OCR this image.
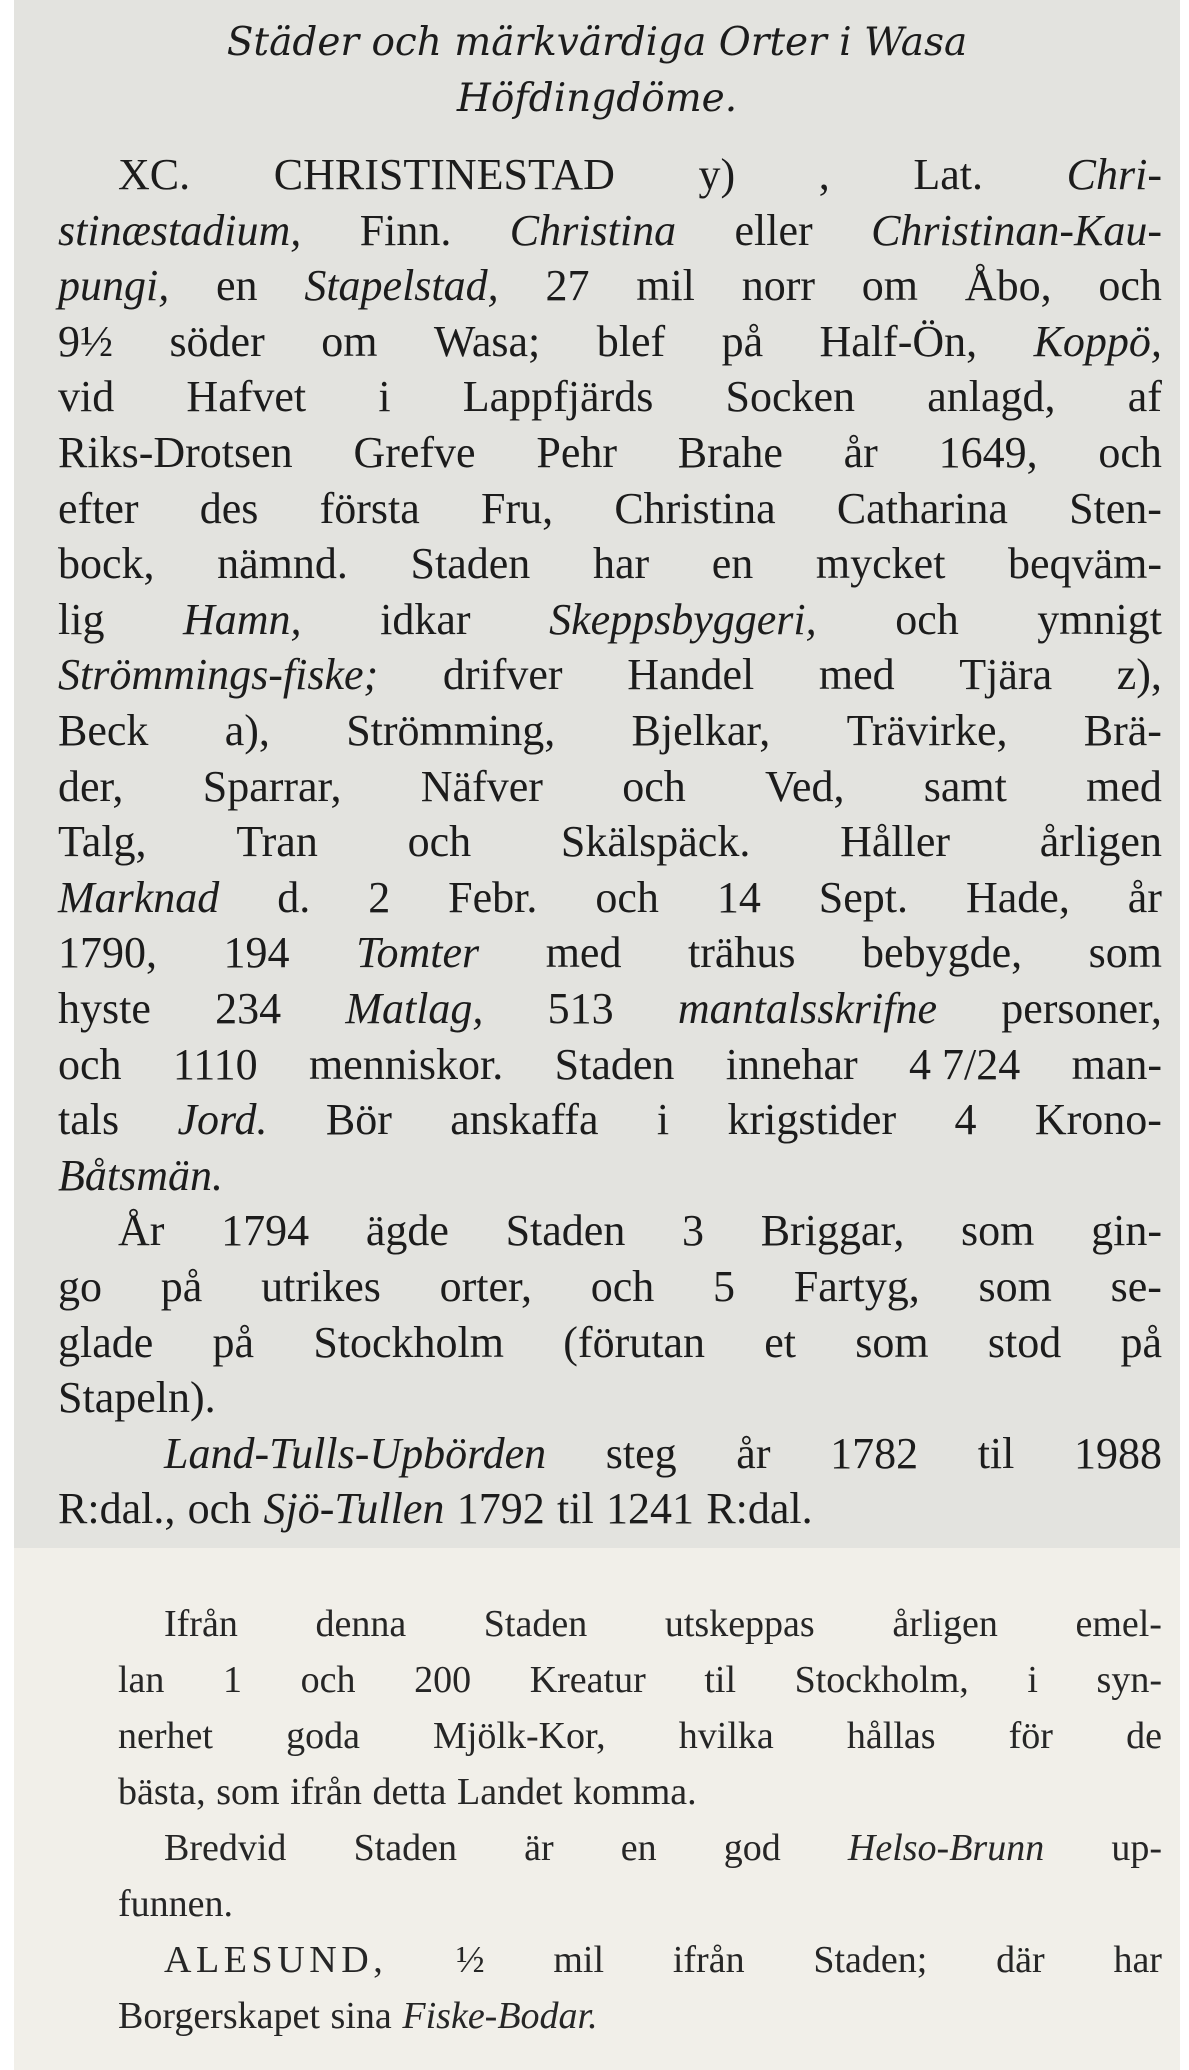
Städer och märkvärdiga Orter i Wasa
Höfdingdöme.
XC. CHRISTINESTAD y) , Lat. Chri-
stinæstadium, Finn. Christina eller Christinan-Kau-
pungi, en Stapelstad, 27 mil norr om Åbo, och
9½ söder om Wasa; blef på Half-Ön, Koppö,
vid Hafvet i Lappfjärds Socken anlagd, af
Riks-Drotsen Grefve Pehr Brahe år 1649, och
efter des första Fru, Christina Catharina Sten-
bock, nämnd. Staden har en mycket beqväm-
lig Hamn, idkar Skeppsbyggeri, och ymnigt
Strömmings-fiske; drifver Handel med Tjära z),
Beck a), Strömming, Bjelkar, Trävirke, Brä-
der, Sparrar, Näfver och Ved, samt med
Talg, Tran och Skälspäck. Håller årligen
Marknad d. 2 Febr. och 14 Sept. Hade, år
1790, 194 Tomter med trähus bebygde, som
hyste 234 Matlag, 513 mantalsskrifne personer,
och 1110 menniskor. Staden innehar 4 7/24 man-
tals Jord. Bör anskaffa i krigstider 4 Krono-
Båtsmän.
År 1794 ägde Staden 3 Briggar, som gin-
go på utrikes orter, och 5 Fartyg, som se-
glade på Stockholm (förutan et som stod på
Stapeln).
Land-Tulls-Upbörden steg år 1782 til 1988
R:dal., och Sjö-Tullen 1792 til 1241 R:dal.
Ifrån denna Staden utskeppas årligen emel-
lan 1 och 200 Kreatur til Stockholm, i syn-
nerhet goda Mjölk-Kor, hvilka hållas för de
bästa, som ifrån detta Landet komma.
Bredvid Staden är en god Helso-Brunn up-
funnen.
ALESUND, ½ mil ifrån Staden; där har
Borgerskapet sina Fiske-Bodar.
